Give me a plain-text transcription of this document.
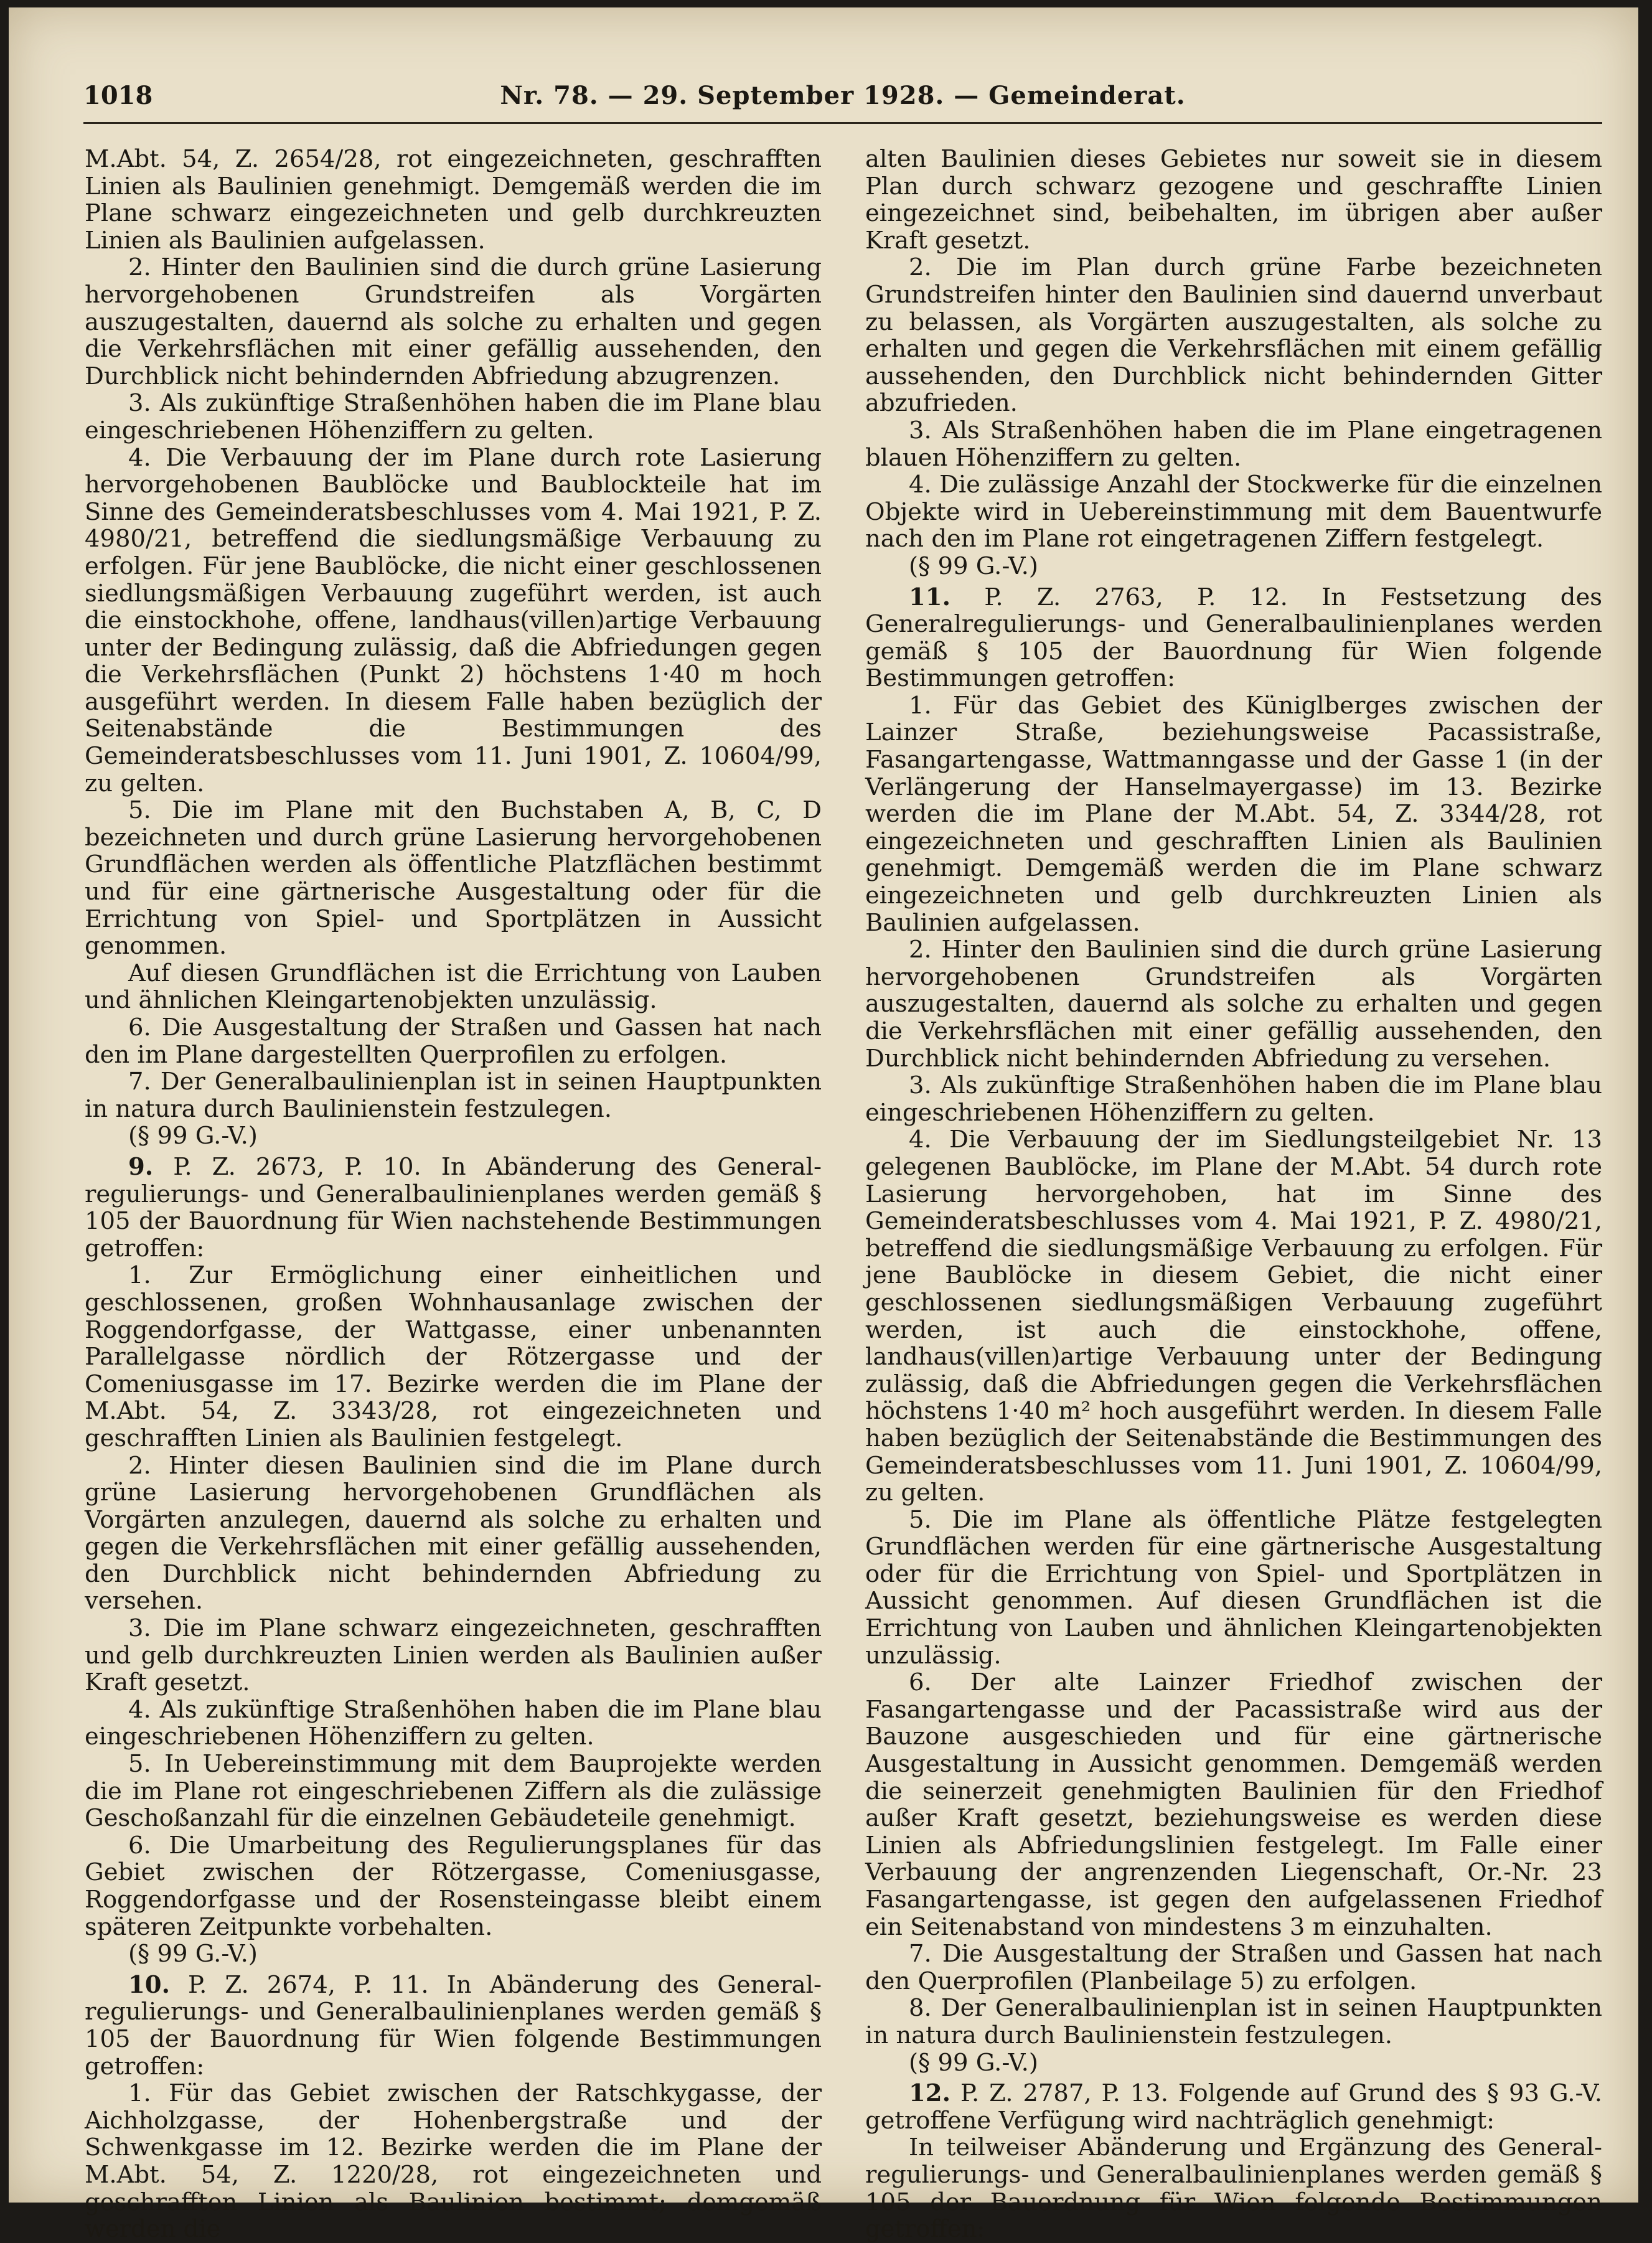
1018	Nr. 78. — 29. September 1928. — Gemeinderat.

M.Abt. 54, Z. 2654/28, rot eingezeichneten, geschrafften Linien als Baulinien genehmigt. Demgemäß werden die im Plane schwarz eingezeichneten und gelb durchkreuzten Linien als Baulinien aufgelassen.

2. Hinter den Baulinien sind die durch grüne Lasierung hervorgehobenen Grundstreifen als Vorgärten auszugestalten, dauernd als solche zu erhalten und gegen die Verkehrsflächen mit einer gefällig aussehenden, den Durchblick nicht behindernden Abfriedung abzugrenzen.

3. Als zukünftige Straßenhöhen haben die im Plane blau eingeschriebenen Höhenziffern zu gelten.

4. Die Verbauung der im Plane durch rote Lasierung hervorgehobenen Baublöcke und Baublockteile hat im Sinne des Gemeinderatsbeschlusses vom 4. Mai 1921, P. Z. 4980/21, betreffend die siedlungsmäßige Verbauung zu erfolgen. Für jene Baublöcke, die nicht einer geschlossenen siedlungsmäßigen Verbauung zugeführt werden, ist auch die einstockhohe, offene, landhaus(villen)artige Verbauung unter der Bedingung zulässig, daß die Abfriedungen gegen die Verkehrsflächen (Punkt 2) höchstens 1·40 m hoch ausgeführt werden. In diesem Falle haben bezüglich der Seitenabstände die Bestimmungen des Gemeinderatsbeschlusses vom 11. Juni 1901, Z. 10604/99, zu gelten.

5. Die im Plane mit den Buchstaben A, B, C, D bezeichneten und durch grüne Lasierung hervorgehobenen Grundflächen werden als öffentliche Platzflächen bestimmt und für eine gärtnerische Ausgestaltung oder für die Errichtung von Spiel- und Sportplätzen in Aussicht genommen.

Auf diesen Grundflächen ist die Errichtung von Lauben und ähnlichen Kleingartenobjekten unzulässig.

6. Die Ausgestaltung der Straßen und Gassen hat nach den im Plane dargestellten Querprofilen zu erfolgen.

7. Der Generalbaulinienplan ist in seinen Hauptpunkten in natura durch Baulinienstein festzulegen.

(§ 99 G.-V.)

9. P. Z. 2673, P. 10. In Abänderung des General-regulierungs- und Generalbaulinienplanes werden gemäß § 105 der Bauordnung für Wien nachstehende Bestimmungen getroffen:

1. Zur Ermöglichung einer einheitlichen und geschlossenen, großen Wohnhausanlage zwischen der Roggendorfgasse, der Wattgasse, einer unbenannten Parallelgasse nördlich der Rötzergasse und der Comeniusgasse im 17. Bezirke werden die im Plane der M.Abt. 54, Z. 3343/28, rot eingezeichneten und geschrafften Linien als Baulinien festgelegt.

2. Hinter diesen Baulinien sind die im Plane durch grüne Lasierung hervorgehobenen Grundflächen als Vorgärten anzulegen, dauernd als solche zu erhalten und gegen die Verkehrsflächen mit einer gefällig aussehenden, den Durchblick nicht behindernden Abfriedung zu versehen.

3. Die im Plane schwarz eingezeichneten, geschrafften und gelb durchkreuzten Linien werden als Baulinien außer Kraft gesetzt.

4. Als zukünftige Straßenhöhen haben die im Plane blau eingeschriebenen Höhenziffern zu gelten.

5. In Uebereinstimmung mit dem Bauprojekte werden die im Plane rot eingeschriebenen Ziffern als die zulässige Geschoßanzahl für die einzelnen Gebäudeteile genehmigt.

6. Die Umarbeitung des Regulierungsplanes für das Gebiet zwischen der Rötzergasse, Comeniusgasse, Roggendorfgasse und der Rosensteingasse bleibt einem späteren Zeitpunkte vorbehalten.

(§ 99 G.-V.)

10. P. Z. 2674, P. 11. In Abänderung des General-regulierungs- und Generalbaulinienplanes werden gemäß § 105 der Bauordnung für Wien folgende Bestimmungen getroffen:

1. Für das Gebiet zwischen der Ratschkygasse, der Aichholzgasse, der Hohenbergstraße und der Schwenkgasse im 12. Bezirke werden die im Plane der M.Abt. 54, Z. 1220/28, rot eingezeichneten und geschrafften Linien als Baulinien bestimmt; demgemäß werden die

alten Baulinien dieses Gebietes nur soweit sie in diesem Plan durch schwarz gezogene und geschraffte Linien eingezeichnet sind, beibehalten, im übrigen aber außer Kraft gesetzt.

2. Die im Plan durch grüne Farbe bezeichneten Grundstreifen hinter den Baulinien sind dauernd unverbaut zu belassen, als Vorgärten auszugestalten, als solche zu erhalten und gegen die Verkehrsflächen mit einem gefällig aussehenden, den Durchblick nicht behindernden Gitter abzufrieden.

3. Als Straßenhöhen haben die im Plane eingetragenen blauen Höhenziffern zu gelten.

4. Die zulässige Anzahl der Stockwerke für die einzelnen Objekte wird in Uebereinstimmung mit dem Bauentwurfe nach den im Plane rot eingetragenen Ziffern festgelegt.

(§ 99 G.-V.)

11. P. Z. 2763, P. 12. In Festsetzung des Generalregulierungs- und Generalbaulinienplanes werden gemäß § 105 der Bauordnung für Wien folgende Bestimmungen getroffen:

1. Für das Gebiet des Küniglberges zwischen der Lainzer Straße, beziehungsweise Pacassistraße, Fasangartengasse, Wattmanngasse und der Gasse 1 (in der Verlängerung der Hanselmayergasse) im 13. Bezirke werden die im Plane der M.Abt. 54, Z. 3344/28, rot eingezeichneten und geschrafften Linien als Baulinien genehmigt. Demgemäß werden die im Plane schwarz eingezeichneten und gelb durchkreuzten Linien als Baulinien aufgelassen.

2. Hinter den Baulinien sind die durch grüne Lasierung hervorgehobenen Grundstreifen als Vorgärten auszugestalten, dauernd als solche zu erhalten und gegen die Verkehrsflächen mit einer gefällig aussehenden, den Durchblick nicht behindernden Abfriedung zu versehen.

3. Als zukünftige Straßenhöhen haben die im Plane blau eingeschriebenen Höhenziffern zu gelten.

4. Die Verbauung der im Siedlungsteilgebiet Nr. 13 gelegenen Baublöcke, im Plane der M.Abt. 54 durch rote Lasierung hervorgehoben, hat im Sinne des Gemeinderatsbeschlusses vom 4. Mai 1921, P. Z. 4980/21, betreffend die siedlungsmäßige Verbauung zu erfolgen. Für jene Baublöcke in diesem Gebiet, die nicht einer geschlossenen siedlungsmäßigen Verbauung zugeführt werden, ist auch die einstockhohe, offene, landhaus(villen)artige Verbauung unter der Bedingung zulässig, daß die Abfriedungen gegen die Verkehrsflächen höchstens 1·40 m² hoch ausgeführt werden. In diesem Falle haben bezüglich der Seitenabstände die Bestimmungen des Gemeinderatsbeschlusses vom 11. Juni 1901, Z. 10604/99, zu gelten.

5. Die im Plane als öffentliche Plätze festgelegten Grundflächen werden für eine gärtnerische Ausgestaltung oder für die Errichtung von Spiel- und Sportplätzen in Aussicht genommen. Auf diesen Grundflächen ist die Errichtung von Lauben und ähnlichen Kleingartenobjekten unzulässig.

6. Der alte Lainzer Friedhof zwischen der Fasangartengasse und der Pacassistraße wird aus der Bauzone ausgeschieden und für eine gärtnerische Ausgestaltung in Aussicht genommen. Demgemäß werden die seinerzeit genehmigten Baulinien für den Friedhof außer Kraft gesetzt, beziehungsweise es werden diese Linien als Abfriedungslinien festgelegt. Im Falle einer Verbauung der angrenzenden Liegenschaft, Or.-Nr. 23 Fasangartengasse, ist gegen den aufgelassenen Friedhof ein Seitenabstand von mindestens 3 m einzuhalten.

7. Die Ausgestaltung der Straßen und Gassen hat nach den Querprofilen (Planbeilage 5) zu erfolgen.

8. Der Generalbaulinienplan ist in seinen Hauptpunkten in natura durch Baulinienstein festzulegen.

(§ 99 G.-V.)

12. P. Z. 2787, P. 13. Folgende auf Grund des § 93 G.-V. getroffene Verfügung wird nachträglich genehmigt:

In teilweiser Abänderung und Ergänzung des General-regulierungs- und Generalbaulinienplanes werden gemäß § 105 der Bauordnung für Wien folgende Bestimmungen getroffen:
